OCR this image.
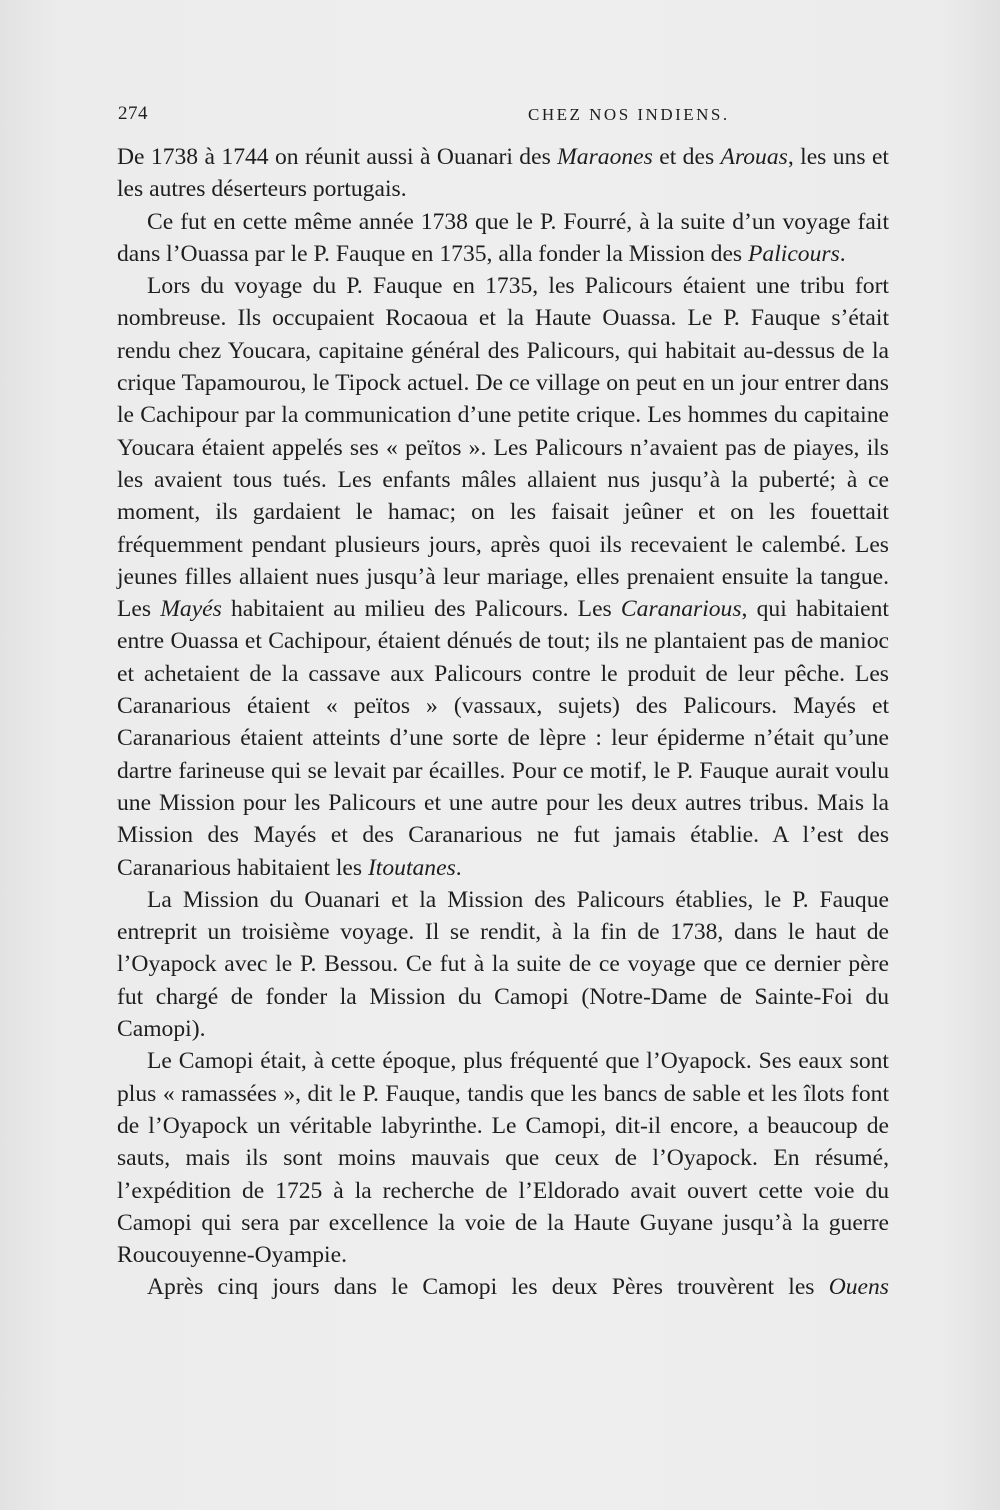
274	CHEZ NOS INDIENS.

De 1738 à 1744 on réunit aussi à Ouanari des Maraones et des Arouas, les uns et les autres déserteurs portugais.

Ce fut en cette même année 1738 que le P. Fourré, à la suite d’un voyage fait dans l’Ouassa par le P. Fauque en 1735, alla fonder la Mission des Palicours.

Lors du voyage du P. Fauque en 1735, les Palicours étaient une tribu fort nombreuse. Ils occupaient Rocaoua et la Haute Ouassa. Le P. Fauque s’était rendu chez Youcara, capitaine général des Palicours, qui habitait au-dessus de la crique Tapamourou, le Tipock actuel. De ce village on peut en un jour entrer dans le Cachipour par la communication d’une petite crique. Les hommes du capitaine Youcara étaient appelés ses « peïtos ». Les Palicours n’avaient pas de piayes, ils les avaient tous tués. Les enfants mâles allaient nus jusqu’à la puberté; à ce moment, ils gardaient le hamac; on les faisait jeûner et on les fouettait fréquemment pendant plusieurs jours, après quoi ils recevaient le calembé. Les jeunes filles allaient nues jusqu’à leur mariage, elles prenaient ensuite la tangue. Les Mayés habitaient au milieu des Palicours. Les Caranarious, qui habitaient entre Ouassa et Cachipour, étaient dénués de tout; ils ne plantaient pas de manioc et achetaient de la cassave aux Palicours contre le produit de leur pêche. Les Caranarious étaient « peïtos » (vassaux, sujets) des Palicours. Mayés et Caranarious étaient atteints d’une sorte de lèpre : leur épiderme n’était qu’une dartre farineuse qui se levait par écailles. Pour ce motif, le P. Fauque aurait voulu une Mission pour les Palicours et une autre pour les deux autres tribus. Mais la Mission des Mayés et des Caranarious ne fut jamais établie. A l’est des Caranarious habitaient les Itoutanes.

La Mission du Ouanari et la Mission des Palicours établies, le P. Fauque entreprit un troisième voyage. Il se rendit, à la fin de 1738, dans le haut de l’Oyapock avec le P. Bessou. Ce fut à la suite de ce voyage que ce dernier père fut chargé de fonder la Mission du Camopi (Notre-Dame de Sainte-Foi du Camopi).

Le Camopi était, à cette époque, plus fréquenté que l’Oyapock. Ses eaux sont plus « ramassées », dit le P. Fauque, tandis que les bancs de sable et les îlots font de l’Oyapock un véritable labyrinthe. Le Camopi, dit-il encore, a beaucoup de sauts, mais ils sont moins mauvais que ceux de l’Oyapock. En résumé, l’expédition de 1725 à la recherche de l’Eldorado avait ouvert cette voie du Camopi qui sera par excellence la voie de la Haute Guyane jusqu’à la guerre Roucouyenne-Oyampie.

Après cinq jours dans le Camopi les deux Pères trouvèrent les Ouens
